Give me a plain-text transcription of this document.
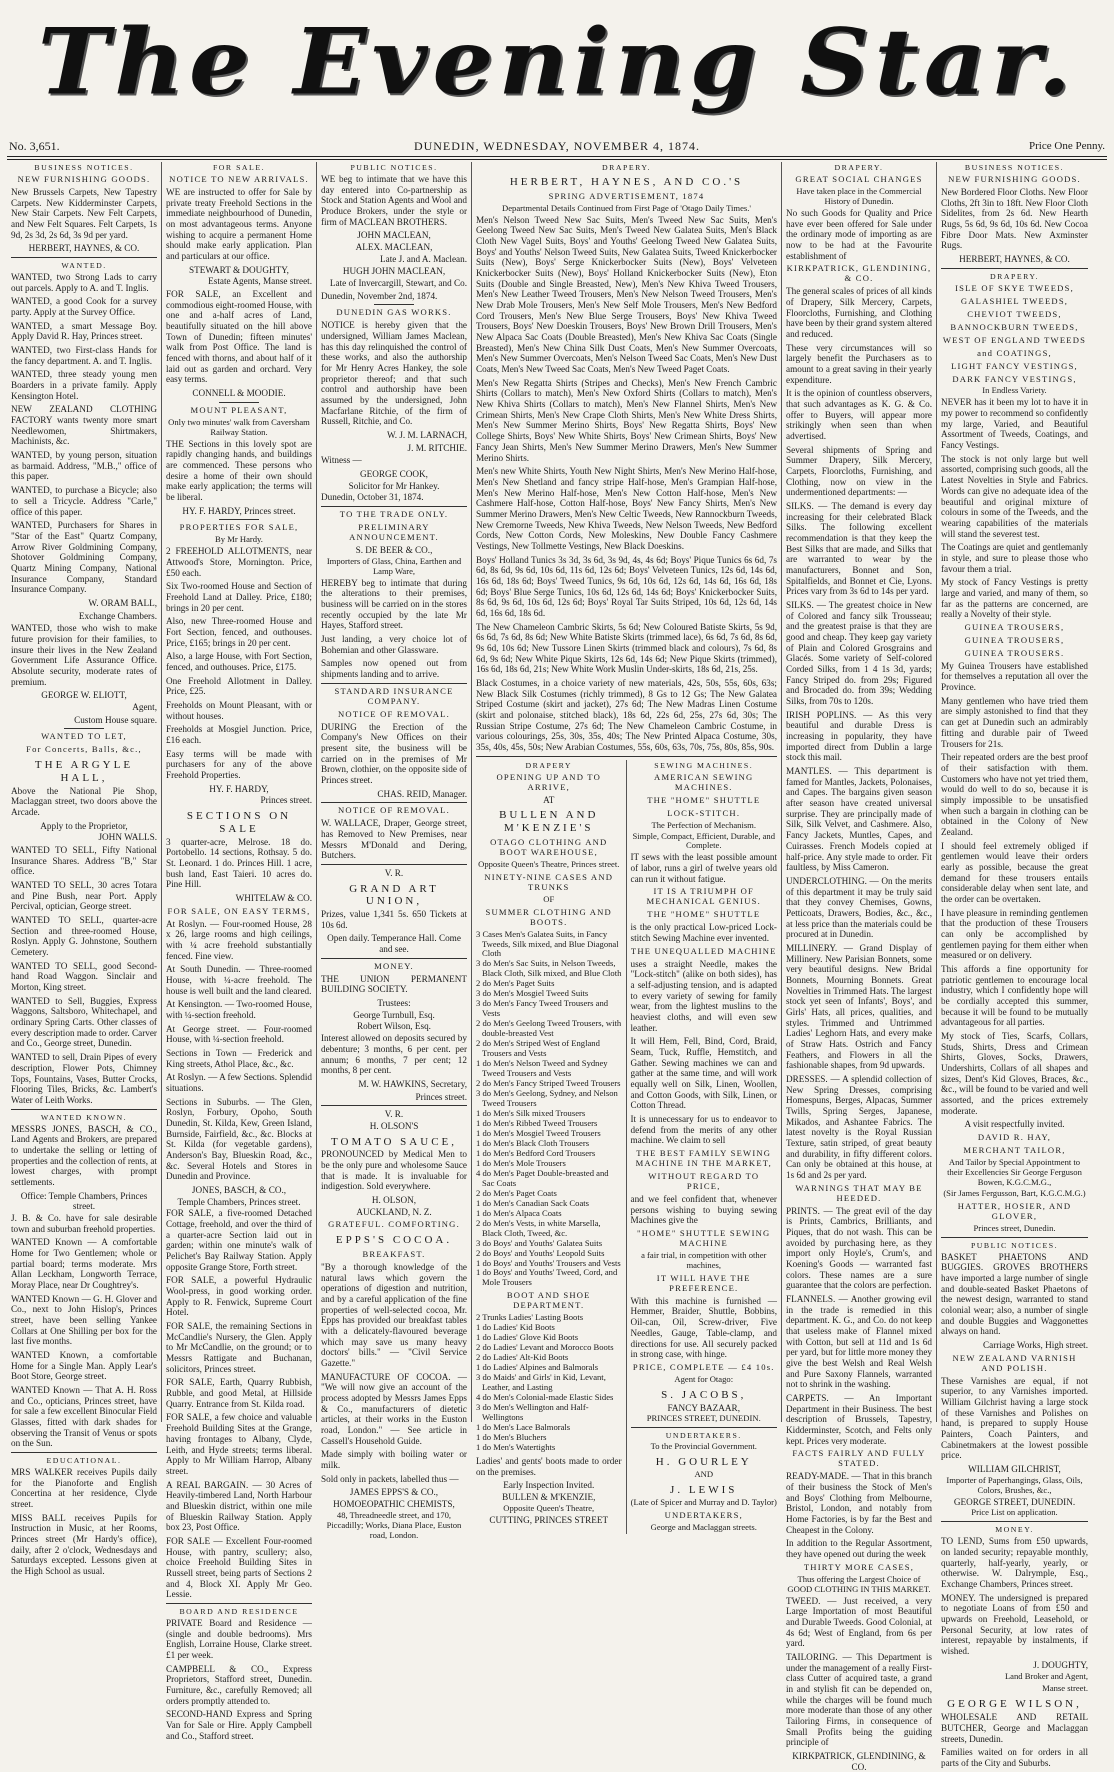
The Evening Star.
No. 3,651.	DUNEDIN, WEDNESDAY, NOVEMBER 4, 1874.	Price One Penny.
BUSINESS NOTICES.
NEW FURNISHING GOODS.

New Brussels Carpets, New Tapestry Carpets. New Kidderminster Carpets, New Stair Carpets. New Felt Carpets, and New Felt Squares. Felt Carpets, 1s 9d, 2s 3d, 2s 6d, 3s 9d per yard.

HERBERT, HAYNES, & CO.

WANTED.

WANTED, two Strong Lads to carry out parcels. Apply to A. and T. Inglis.

WANTED, a good Cook for a survey party. Apply at the Survey Office.

WANTED, a smart Message Boy. Apply David R. Hay, Princes street.

WANTED, two First-class Hands for the fancy department. A. and T. Inglis.

WANTED, three steady young men Boarders in a private family. Apply Kensington Hotel.

NEW ZEALAND CLOTHING FACTORY wants twenty more smart Needlewomen, Shirtmakers, Machinists, &c.

WANTED, by young person, situation as barmaid. Address, "M.B.," office of this paper.

WANTED, to purchase a Bicycle; also to sell a Tricycle. Address "Carle," office of this paper.

WANTED, Purchasers for Shares in "Star of the East" Quartz Company, Arrow River Goldmining Company, Shotover Goldmining Company, Quartz Mining Company, National Insurance Company, Standard Insurance Company.

W. ORAM BALL,

Exchange Chambers.

WANTED, those who wish to make future provision for their families, to insure their lives in the New Zealand Government Life Assurance Office. Absolute security, moderate rates of premium.

GEORGE W. ELIOTT,

Agent,

Custom House square.

WANTED TO LET,
For Concerts, Balls, &c.,
THE ARGYLE HALL,

Above the National Pie Shop, Maclaggan street, two doors above the Arcade.

Apply to the Proprietor,

JOHN WALLS.

WANTED TO SELL, Fifty National Insurance Shares. Address "B," Star office.

WANTED TO SELL, 30 acres Totara and Pine Bush, near Port. Apply Percival, optician, George street.

WANTED TO SELL, quarter-acre Section and three-roomed House, Roslyn. Apply G. Johnstone, Southern Cemetery.

WANTED TO SELL, good Second-hand Road Waggon. Sinclair and Morton, King street.

WANTED to Sell, Buggies, Express Waggons, Saltsboro, Whitechapel, and ordinary Spring Carts. Other classes of every description made to order. Carver and Co., George street, Dunedin.

WANTED to sell, Drain Pipes of every description, Flower Pots, Chimney Tops, Fountains, Vases, Butter Crocks, Flooring Tiles, Bricks, &c. Lambert's Water of Leith Works.

WANTED KNOWN.

MESSRS JONES, BASCH, & CO., Land Agents and Brokers, are prepared to undertake the selling or letting of properties and the collection of rents, at lowest charges, with prompt settlements.

Office: Temple Chambers, Princes street.

J. B. & Co. have for sale desirable town and suburban freehold properties.

WANTED Known — A comfortable Home for Two Gentlemen; whole or partial board; terms moderate. Mrs Allan Leckham, Longworth Terrace, Moray Place, near Dr Coughtrey's.

WANTED Known — G. H. Glover and Co., next to John Hislop's, Princes street, have been selling Yankee Collars at One Shilling per box for the last five months.

WANTED Known, a comfortable Home for a Single Man. Apply Lear's Boot Store, George street.

WANTED Known — That A. H. Ross and Co., opticians, Princes street, have for sale a few excellent Binocular Field Glasses, fitted with dark shades for observing the Transit of Venus or spots on the Sun.

EDUCATIONAL.

MRS WALKER receives Pupils daily for the Pianoforte and English Concertina at her residence, Clyde street.

MISS BALL receives Pupils for Instruction in Music, at her Rooms, Princes street (Mr Hardy's office), daily, after 2 o'clock, Wednesdays and Saturdays excepted. Lessons given at the High School as usual.

FOR SALE.
NOTICE TO NEW ARRIVALS.

WE are instructed to offer for Sale by private treaty Freehold Sections in the immediate neighbourhood of Dunedin, on most advantageous terms. Anyone wishing to acquire a permanent Home should make early application. Plan and particulars at our office.

STEWART & DOUGHTY,

Estate Agents, Manse street.

FOR SALE, an Excellent and commodious eight-roomed House, with one and a-half acres of Land, beautifully situated on the hill above Town of Dunedin; fifteen minutes' walk from Post Office. The land is fenced with thorns, and about half of it laid out as garden and orchard. Very easy terms.

CONNELL & MOODIE.

MOUNT PLEASANT,

Only two minutes' walk from Caversham Railway Station.

THE Sections in this lovely spot are rapidly changing hands, and buildings are commenced. These persons who desire a home of their own should make early application; the terms will be liberal.

HY. F. HARDY, Princes street.

PROPERTIES FOR SALE,

By Mr Hardy.

2 FREEHOLD ALLOTMENTS, near Attwood's Store, Mornington. Price, £50 each.

Six Two-roomed House and Section of Freehold Land at Dalley. Price, £180; brings in 20 per cent.

Also, new Three-roomed House and Fort Section, fenced, and outhouses. Price, £165; brings in 20 per cent.

Also, a large House, with Fort Section, fenced, and outhouses. Price, £175.

One Freehold Allotment in Dalley. Price, £25.

Freeholds on Mount Pleasant, with or without houses.

Freeholds at Mosgiel Junction. Price, £16 each.

Easy terms will be made with purchasers for any of the above Freehold Properties.

HY. F. HARDY,

Princes street.

SECTIONS ON SALE

3 quarter-acre, Melrose. 18 do. Portobello. 14 sections, Rothsay. 5 do. St. Leonard. 1 do. Princes Hill. 1 acre, bush land, East Taieri. 10 acres do. Pine Hill.

WHITELAW & CO.

FOR SALE, ON EASY TERMS,

At Roslyn. — Four-roomed House, 28 x 26, large rooms and high ceilings, with ¼ acre freehold substantially fenced. Fine view.

At South Dunedin. — Three-roomed House, with ¼-acre freehold. The house is well built and the land cleared.

At Kensington. — Two-roomed House, with ¼-section freehold.

At George street. — Four-roomed House, with ¼-section freehold.

Sections in Town — Frederick and King streets, Athol Place, &c., &c.

At Roslyn. — A few Sections. Splendid situations.

Sections in Suburbs. — The Glen, Roslyn, Forbury, Opoho, South Dunedin, St. Kilda, Kew, Green Island, Burnside, Fairfield, &c., &c. Blocks at St. Kilda (for vegetable gardens), Anderson's Bay, Blueskin Road, &c., &c. Several Hotels and Stores in Dunedin and Province.

JONES, BASCH, & CO.,

Temple Chambers, Princes street.

FOR SALE, a five-roomed Detached Cottage, freehold, and over the third of a quarter-acre Section laid out in garden; within one minute's walk of Pelichet's Bay Railway Station. Apply opposite Grange Store, Forth street.

FOR SALE, a powerful Hydraulic Wool-press, in good working order. Apply to R. Fenwick, Supreme Court Hotel.

FOR SALE, the remaining Sections in McCandlie's Nursery, the Glen. Apply to Mr McCandlie, on the ground; or to Messrs Rattigate and Buchanan, solicitors, Princes street.

FOR SALE, Earth, Quarry Rubbish, Rubble, and good Metal, at Hillside Quarry. Entrance from St. Kilda road.

FOR SALE, a few choice and valuable Freehold Building Sites at the Grange, having frontages to Albany, Clyde, Leith, and Hyde streets; terms liberal. Apply to Mr William Harrop, Albany street.

A REAL BARGAIN. — 30 Acres of Heavily-timbered Land, North Harbour and Blueskin district, within one mile of Blueskin Railway Station. Apply box 23, Post Office.

FOR SALE — Excellent Four-roomed House, with pantry, scullery; also, choice Freehold Building Sites in Russell street, being parts of Sections 2 and 4, Block XI. Apply Mr Geo. Lessie.

BOARD AND RESIDENCE

PRIVATE Board and Residence — (single and double bedrooms). Mrs English, Lorraine House, Clarke street. £1 per week.

CAMPBELL & CO., Express Proprietors, Stafford street, Dunedin. Furniture, &c., carefully Removed; all orders promptly attended to.

SECOND-HAND Express and Spring Van for Sale or Hire. Apply Campbell and Co., Stafford street.

PUBLIC NOTICES.

WE beg to intimate that we have this day entered into Co-partnership as Stock and Station Agents and Wool and Produce Brokers, under the style or firm of MACLEAN BROTHERS.

JOHN MACLEAN,

ALEX. MACLEAN,

Late J. and A. Maclean.

HUGH JOHN MACLEAN,

Late of Invercargill, Stewart, and Co.

Dunedin, November 2nd, 1874.

DUNEDIN GAS WORKS.

NOTICE is hereby given that the undersigned, William James Maclean, has this day relinquished the control of these works, and also the authorship for Mr Henry Acres Hankey, the sole proprietor thereof; and that such control and authorship have been assumed by the undersigned, John Macfarlane Ritchie, of the firm of Russell, Ritchie, and Co.

W. J. M. LARNACH,

J. M. RITCHIE.

Witness —

GEORGE COOK,

Solicitor for Mr Hankey.

Dunedin, October 31, 1874.

TO THE TRADE ONLY.
PRELIMINARY ANNOUNCEMENT.

S. DE BEER & CO.,

Importers of Glass, China, Earthen and Lamp Ware,

HEREBY beg to intimate that during the alterations to their premises, business will be carried on in the stores recently occupied by the late Mr Hayes, Stafford street.

Just landing, a very choice lot of Bohemian and other Glassware.

Samples now opened out from shipments landing and to arrive.

STANDARD INSURANCE COMPANY.
NOTICE OF REMOVAL.

DURING the Erection of the Company's New Offices on their present site, the business will be carried on in the premises of Mr Brown, clothier, on the opposite side of Princes street.

CHAS. REID, Manager.

NOTICE OF REMOVAL.

W. WALLACE, Draper, George street, has Removed to New Premises, near Messrs M'Donald and Dering, Butchers.

V. R.

GRAND ART UNION,

Prizes, value 1,341 5s. 650 Tickets at 10s 6d.

Open daily. Temperance Hall. Come and see.

MONEY.

THE UNION PERMANENT BUILDING SOCIETY.

Trustees:

George Turnbull, Esq.

Robert Wilson, Esq.

Interest allowed on deposits secured by debenture; 3 months, 6 per cent. per annum; 6 months, 7 per cent; 12 months, 8 per cent.

M. W. HAWKINS, Secretary,

Princes street.

V. R.

H. OLSON'S

TOMATO SAUCE,

PRONOUNCED by Medical Men to be the only pure and wholesome Sauce that is made. It is invaluable for indigestion. Sold everywhere.

H. OLSON,

AUCKLAND, N. Z.

GRATEFUL. COMFORTING.
EPPS'S COCOA.
BREAKFAST.

"By a thorough knowledge of the natural laws which govern the operations of digestion and nutrition, and by a careful application of the fine properties of well-selected cocoa, Mr. Epps has provided our breakfast tables with a delicately-flavoured beverage which may save us many heavy doctors' bills." — "Civil Service Gazette."

MANUFACTURE OF COCOA. — "We will now give an account of the process adopted by Messrs James Epps & Co., manufacturers of dietetic articles, at their works in the Euston road, London." — See article in Cassell's Household Guide.

Made simply with boiling water or milk.

Sold only in packets, labelled thus —

JAMES EPPS'S & CO.,

HOMOEOPATHIC CHEMISTS,

48, Threadneedle street, and 170, Piccadilly; Works, Diana Place, Euston road, London.

DRAPERY.
HERBERT, HAYNES, AND CO.'S
SPRING ADVERTISEMENT, 1874

Departmental Details Continued from First Page of 'Otago Daily Times.'

Men's Nelson Tweed New Sac Suits, Men's Tweed New Sac Suits, Men's Geelong Tweed New Sac Suits, Men's Tweed New Galatea Suits, Men's Black Cloth New Vagel Suits, Boys' and Youths' Geelong Tweed New Galatea Suits, Boys' and Youths' Nelson Tweed Suits, New Galatea Suits, Tweed Knickerbocker Suits (New), Boys' Serge Knickerbocker Suits (New), Boys' Velveteen Knickerbocker Suits (New), Boys' Holland Knickerbocker Suits (New), Eton Suits (Double and Single Breasted, New), Men's New Khiva Tweed Trousers, Men's New Leather Tweed Trousers, Men's New Nelson Tweed Trousers, Men's New Drab Mole Trousers, Men's New Self Mole Trousers, Men's New Bedford Cord Trousers, Men's New Blue Serge Trousers, Boys' New Khiva Tweed Trousers, Boys' New Doeskin Trousers, Boys' New Brown Drill Trousers, Men's New Alpaca Sac Coats (Double Breasted), Men's New Khiva Sac Coats (Single Breasted), Men's New China Silk Dust Coats, Men's New Summer Overcoats, Men's New Summer Overcoats, Men's Nelson Tweed Sac Coats, Men's New Dust Coats, Men's New Tweed Sac Coats, Men's New Tweed Paget Coats.

Men's New Regatta Shirts (Stripes and Checks), Men's New French Cambric Shirts (Collars to match), Men's New Oxford Shirts (Collars to match), Men's New Khiva Shirts (Collars to match), Men's New Flannel Shirts, Men's New Crimean Shirts, Men's New Crape Cloth Shirts, Men's New White Dress Shirts, Men's New Summer Merino Shirts, Boys' New Regatta Shirts, Boys' New College Shirts, Boys' New White Shirts, Boys' New Crimean Shirts, Boys' New Fancy Jean Shirts, Men's New Summer Merino Drawers, Men's New Summer Merino Shirts.

Men's new White Shirts, Youth New Night Shirts, Men's New Merino Half-hose, Men's New Shetland and fancy stripe Half-hose, Men's Grampian Half-hose, Men's New Merino Half-hose, Men's New Cotton Half-hose, Men's New Cashmere Half-hose, Cotton Half-hose, Boys' New Fancy Shirts, Men's New Summer Merino Drawers, Men's New Celtic Tweeds, New Rannockburn Tweeds, New Cremorne Tweeds, New Khiva Tweeds, New Nelson Tweeds, New Bedford Cords, New Cotton Cords, New Moleskins, New Double Fancy Cashmere Vestings, New Tollmette Vestings, New Black Doeskins.

Boys' Holland Tunics 3s 3d, 3s 6d, 3s 9d, 4s, 4s 6d; Boys' Pique Tunics 6s 6d, 7s 6d, 8s 6d, 9s 6d, 10s 6d, 11s 6d, 12s 6d; Boys' Velveteen Tunics, 12s 6d, 14s 6d, 16s 6d, 18s 6d; Boys' Tweed Tunics, 9s 6d, 10s 6d, 12s 6d, 14s 6d, 16s 6d, 18s 6d; Boys' Blue Serge Tunics, 10s 6d, 12s 6d, 14s 6d; Boys' Knickerbocker Suits, 8s 6d, 9s 6d, 10s 6d, 12s 6d; Boys' Royal Tar Suits Striped, 10s 6d, 12s 6d, 14s 6d, 16s 6d, 18s 6d.

The New Chameleon Cambric Skirts, 5s 6d; New Coloured Batiste Skirts, 5s 9d, 6s 6d, 7s 6d, 8s 6d; New White Batiste Skirts (trimmed lace), 6s 6d, 7s 6d, 8s 6d, 9s 6d, 10s 6d; New Tussore Linen Skirts (trimmed black and colours), 7s 6d, 8s 6d, 9s 6d; New White Pique Skirts, 12s 6d, 14s 6d; New Pique Skirts (trimmed), 16s 6d, 18s 6d, 21s; New White Work Muslin Under-skirts, 18s 6d, 21s, 25s.

Black Costumes, in a choice variety of new materials, 42s, 50s, 55s, 60s, 63s; New Black Silk Costumes (richly trimmed), 8 Gs to 12 Gs; The New Galatea Striped Costume (skirt and jacket), 27s 6d; The New Madras Linen Costume (skirt and polonaise, stitched black), 18s 6d, 22s 6d, 25s, 27s 6d, 30s; The Russian Stripe Costume, 27s 6d; The New Chameleon Cambric Costume, in various colourings, 25s, 30s, 35s, 40s; The New Printed Alpaca Costume, 30s, 35s, 40s, 45s, 50s; New Arabian Costumes, 55s, 60s, 63s, 70s, 75s, 80s, 85s, 90s.

DRAPERY
OPENING UP AND TO ARRIVE,

AT

BULLEN AND M'KENZIE'S
OTAGO CLOTHING AND BOOT WAREHOUSE,

Opposite Queen's Theatre, Princes street.

NINETY-NINE CASES AND TRUNKS

OF

SUMMER CLOTHING AND BOOTS.
3 Cases Men's Galatea Suits, in Fancy Tweeds, Silk mixed, and Blue Diagonal Cloth
3 do Men's Sac Suits, in Nelson Tweeds, Black Cloth, Silk mixed, and Blue Cloth
2 do Men's Paget Suits
3 do Men's Mosgiel Tweed Suits
3 do Men's Fancy Tweed Trousers and Vests
2 do Men's Geelong Tweed Trousers, with double-breasted Vest
2 do Men's Striped West of England Trousers and Vests
1 do Men's Nelson Tweed and Sydney Tweed Trousers and Vests
2 do Men's Fancy Striped Tweed Trousers
3 do Men's Geelong, Sydney, and Nelson Tweed Trousers
1 do Men's Silk mixed Trousers
1 do Men's Ribbed Tweed Trousers
1 do Men's Mosgiel Tweed Trousers
1 do Men's Black Cloth Trousers
1 do Men's Bedford Cord Trousers
1 do Men's Mole Trousers
4 do Men's Paget Double-breasted and Sac Coats
2 do Men's Paget Coats
1 do Men's Canadian Sack Coats
1 do Men's Alpaca Coats
2 do Men's Vests, in white Marsella, Black Cloth, Tweed, &c.
3 do Boys' and Youths' Galatea Suits
2 do Boys' and Youths' Leopold Suits
1 do Boys' and Youths' Trousers and Vests
1 do Boys' and Youths' Tweed, Cord, and Mole Trousers
BOOT AND SHOE DEPARTMENT.
2 Trunks Ladies' Lasting Boots
1 do Ladies' Kid Boots
1 do Ladies' Glove Kid Boots
2 do Ladies' Levant and Morocco Boots
2 do Ladies' Alt-Kid Boots
1 do Ladies' Alpines and Balmorals
3 do Maids' and Girls' in Kid, Levant, Leather, and Lasting
4 do Men's Colonial-made Elastic Sides
3 do Men's Wellington and Half-Wellingtons
1 do Men's Lace Balmorals
1 do Men's Bluchers
1 do Men's Watertights

Ladies' and gents' boots made to order on the premises.

Early Inspection Invited.

BULLEN & M'KENZIE,

Opposite Queen's Theatre,

CUTTING, PRINCES STREET

SEWING MACHINES.
AMERICAN SEWING MACHINES.
THE "HOME" SHUTTLE
LOCK-STITCH.

The Perfection of Mechanism.

Simple, Compact, Efficient, Durable, and Complete.

IT sews with the least possible amount of labor, runs a girl of twelve years old can run it without fatigue.

IT IS A TRIUMPH OF MECHANICAL GENIUS.
THE "HOME" SHUTTLE

is the only practical Low-priced Lock-stitch Sewing Machine ever invented.

THE UNEQUALLED MACHINE

uses a straight Needle, makes the "Lock-stitch" (alike on both sides), has a self-adjusting tension, and is adapted to every variety of sewing for family wear, from the lightest muslins to the heaviest cloths, and will even sew leather.

It will Hem, Fell, Bind, Cord, Braid, Seam, Tuck, Ruffle, Hemstitch, and Gather. Sewing machines we can and gather at the same time, and will work equally well on Silk, Linen, Woollen, and Cotton Goods, with Silk, Linen, or Cotton Thread.

It is unnecessary for us to endeavor to defend from the merits of any other machine. We claim to sell

THE BEST FAMILY SEWING MACHINE IN THE MARKET,
WITHOUT REGARD TO PRICE,

and we feel confident that, whenever persons wishing to buying sewing Machines give the

"HOME" SHUTTLE SEWING MACHINE

a fair trial, in competition with other machines,

IT WILL HAVE THE PREFERENCE.

With this machine is furnished — Hemmer, Braider, Shuttle, Bobbins, Oil-can, Oil, Screw-driver, Five Needles, Gauge, Table-clamp, and directions for use. All securely packed in strong case, with hinge.

PRICE, COMPLETE — £4 10s.

Agent for Otago:

S. JACOBS,

FANCY BAZAAR,

PRINCES STREET, DUNEDIN.

UNDERTAKERS.

To the Provincial Government.

H. GOURLEY

AND

J. LEWIS

(Late of Spicer and Murray and D. Taylor)

UNDERTAKERS,

George and Maclaggan streets.

DRAPERY.
GREAT SOCIAL CHANGES

Have taken place in the Commercial History of Dunedin.

No such Goods for Quality and Price have ever been offered for Sale under the ordinary mode of importing as are now to be had at the Favourite establishment of

KIRKPATRICK, GLENDINING, & CO.

The general scales of prices of all kinds of Drapery, Silk Mercery, Carpets, Floorcloths, Furnishing, and Clothing have been by their grand system altered and reduced.

These very circumstances will so largely benefit the Purchasers as to amount to a great saving in their yearly expenditure.

It is the opinion of countless observers, that such advantages as K. G. & Co. offer to Buyers, will appear more strikingly when seen than when advertised.

Several shipments of Spring and Summer Drapery, Silk Mercery, Carpets, Floorcloths, Furnishing, and Clothing, now on view in the undermentioned departments: —

SILKS. — The demand is every day increasing for their celebrated Black Silks. The following excellent recommendation is that they keep the Best Silks that are made, and Silks that are warranted to wear by the manufacturers, Bonnet and Son, Spitalfields, and Bonnet et Cie, Lyons. Prices vary from 3s 6d to 14s per yard.

SILKS. — The greatest choice in New of Colored and fancy silk Trousseau; and the greatest praise is that they are good and cheap. They keep gay variety of Plain and Colored Grosgrains and Glacés. Some variety of Self-colored Corded Silks, from 1 4 1s 3d, yards; Fancy Striped do. from 29s; Figured and Brocaded do. from 39s; Wedding Silks, from 70s to 120s.

IRISH POPLINS. — As this very beautiful and durable Dress is increasing in popularity, they have imported direct from Dublin a large stock this mail.

MANTLES. — This department is famed for Mantles, Jackets, Polonaises, and Capes. The bargains given season after season have created universal surprise. They are principally made of Silk, Silk Velvet, and Cashmere. Also, Fancy Jackets, Muntles, Capes, and Cuirasses. French Models copied at half-price. Any style made to order. Fit faultless, by Miss Cameron.

UNDERCLOTHING. — On the merits of this department it may be truly said that they convey Chemises, Gowns, Petticoats, Drawers, Bodies, &c., &c., at less price than the materials could be procured at in Dunedin.

MILLINERY. — Grand Display of Millinery. New Parisian Bonnets, some very beautiful designs. New Bridal Bonnets, Mourning Bonnets. Great Novelties in Trimmed Hats. The largest stock yet seen of Infants', Boys', and Girls' Hats, all prices, qualities, and styles. Trimmed and Untrimmed Ladies' Leghorn Hats, and every make of Straw Hats. Ostrich and Fancy Feathers, and Flowers in all the fashionable shapes, from 9d upwards.

DRESSES. — A splendid collection of New Spring Dresses, comprising Homespuns, Berges, Alpacas, Summer Twills, Spring Serges, Japanese, Mikados, and Ashantee Fabrics. The latest novelty is the Royal Russian Texture, satin striped, of great beauty and durability, in fifty different colors. Can only be obtained at this house, at 1s 6d and 2s per yard.

WARNINGS THAT MAY BE HEEDED.

PRINTS. — The great evil of the day is Prints, Cambrics, Brilliants, and Piques, that do not wash. This can be avoided by purchasing here, as they import only Hoyle's, Crum's, and Koening's Goods — warranted fast colors. These names are a sure guarantee that the colors are perfection.

FLANNELS. — Another growing evil in the trade is remedied in this department. K. G., and Co. do not keep that useless make of Flannel mixed with Cotton, but sell at 11d and 1s 6d per yard, but for little more money they give the best Welsh and Real Welsh and Pure Saxony Flannels, warranted not to shrink in the washing.

CARPETS. — An Important Department in their Business. The best description of Brussels, Tapestry, Kidderminster, Scotch, and Felts only kept. Prices very moderate.

FACTS FAIRLY AND FULLY STATED.

READY-MADE. — That in this branch of their business the Stock of Men's and Boys' Clothing from Melbourne, Bristol, London, and notably from Home Factories, is by far the Best and Cheapest in the Colony.

In addition to the Regular Assortment, they have opened out during the week

THIRTY MORE CASES,

Thus offering the Largest Choice of GOOD CLOTHING IN THIS MARKET.

TWEED. — Just received, a very Large Importation of most Beautiful and Durable Tweeds. Good Colonial, at 4s 6d; West of England, from 6s per yard.

TAILORING. — This Department is under the management of a really First-class Cutter of acquired taste, a grand in and stylish fit can be depended on, while the charges will be found much more moderate than those of any other Tailoring Firms, in consequence of Small Profits being the guiding principle of

KIRKPATRICK, GLENDINING, & CO.

BUSINESS NOTICES.
NEW FURNISHING GOODS.

New Bordered Floor Cloths. New Floor Cloths, 2ft 3in to 18ft. New Floor Cloth Sidelites, from 2s 6d. New Hearth Rugs, 5s 6d, 9s 6d, 10s 6d. New Cocoa Fibre Door Mats. New Axminster Rugs.

HERBERT, HAYNES, & CO.

DRAPERY.
ISLE OF SKYE TWEEDS,
GALASHIEL TWEEDS,
CHEVIOT TWEEDS,
BANNOCKBURN TWEEDS,
WEST OF ENGLAND TWEEDS
and COATINGS,
LIGHT FANCY VESTINGS,
DARK FANCY VESTINGS,

In Endless Variety.

NEVER has it been my lot to have it in my power to recommend so confidently my large, Varied, and Beautiful Assortment of Tweeds, Coatings, and Fancy Vestings.

The stock is not only large but well assorted, comprising such goods, all the Latest Novelties in Style and Fabrics. Words can give no adequate idea of the beautiful and original mixture of colours in some of the Tweeds, and the wearing capabilities of the materials will stand the severest test.

The Coatings are quiet and gentlemanly in style, and sure to please those who favour them a trial.

My stock of Fancy Vestings is pretty large and varied, and many of them, so far as the patterns are concerned, are really a Novelty of their style.

GUINEA TROUSERS,
GUINEA TROUSERS,
GUINEA TROUSERS.

My Guinea Trousers have established for themselves a reputation all over the Province.

Many gentlemen who have tried them are simply astonished to find that they can get at Dunedin such an admirably fitting and durable pair of Tweed Trousers for 21s.

Their repeated orders are the best proof of their satisfaction with them. Customers who have not yet tried them, would do well to do so, because it is simply impossible to be unsatisfied when such a bargain in clothing can be obtained in the Colony of New Zealand.

I should feel extremely obliged if gentlemen would leave their orders early as possible, because the great demand for these trousers entails considerable delay when sent late, and the order can be overtaken.

I have pleasure in reminding gentlemen that the production of these Trousers can only be accomplished by gentlemen paying for them either when measured or on delivery.

This affords a fine opportunity for patriotic gentlemen to encourage local industry, which I confidently hope will be cordially accepted this summer, because it will be found to be mutually advantageous for all parties.

My stock of Ties, Scarfs, Collars, Studs, Shirts, Dress and Crimean Shirts, Gloves, Socks, Drawers, Undershirts, Collars of all shapes and sizes, Dent's Kid Gloves, Braces, &c., &c., will be found to be varied and well assorted, and the prices extremely moderate.

A visit respectfully invited.

DAVID R. HAY,
MERCHANT TAILOR,

And Tailor by Special Appointment to their Excellencies Sir George Ferguson Bowen, K.G.C.M.G.,

(Sir James Fergusson, Bart, K.G.C.M.G.)

HATTER, HOSIER, AND GLOVER,

Princes street, Dunedin.

PUBLIC NOTICES.

BASKET PHAETONS AND BUGGIES. GROVES BROTHERS have imported a large number of single and double-seated Basket Phaetons of the newest design, warranted to stand colonial wear; also, a number of single and double Buggies and Waggonettes always on hand.

Carriage Works, High street.

NEW ZEALAND VARNISH AND POLISH.

These Varnishes are equal, if not superior, to any Varnishes imported. William Gilchrist having a large stock of these Varnishes and Polishes on hand, is prepared to supply House Painters, Coach Painters, and Cabinetmakers at the lowest possible price.

WILLIAM GILCHRIST,

Importer of Paperhangings, Glass, Oils, Colors, Brushes, &c.,

GEORGE STREET, DUNEDIN.

Price List on application.

MONEY.

TO LEND, Sums from £50 upwards, on landed security; repayable monthly, quarterly, half-yearly, yearly, or otherwise. W. Dalrymple, Esq., Exchange Chambers, Princes street.

MONEY. The undersigned is prepared to negotiate Loans of from £50 and upwards on Freehold, Leasehold, or Personal Security, at low rates of interest, repayable by instalments, if wished.

J. DOUGHTY,

Land Broker and Agent,

Manse street.

GEORGE WILSON,

WHOLESALE AND RETAIL BUTCHER, George and Maclaggan streets, Dunedin.

Families waited on for orders in all parts of the City and Suburbs.
